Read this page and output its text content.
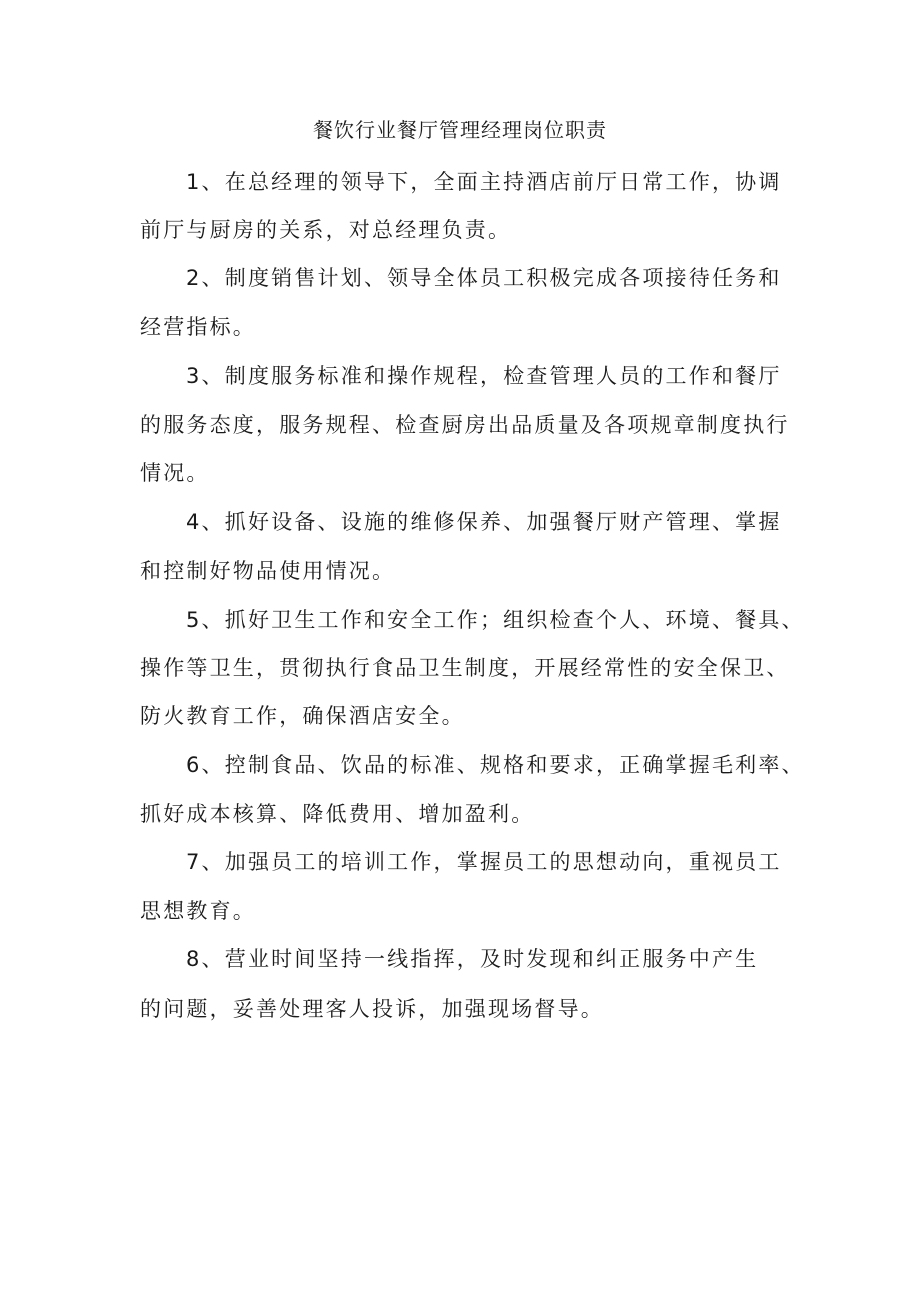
餐饮行业餐厅管理经理岗位职责
1、在总经理的领导下，全面主持酒店前厅日常工作，协调
前厅与厨房的关系，对总经理负责。
2、制度销售计划、领导全体员工积极完成各项接待任务和
经营指标。
3、制度服务标准和操作规程，检查管理人员的工作和餐厅
的服务态度，服务规程、检查厨房出品质量及各项规章制度执行
情况。
4、抓好设备、设施的维修保养、加强餐厅财产管理、掌握
和控制好物品使用情况。
5、抓好卫生工作和安全工作；组织检查个人、环境、餐具、
操作等卫生，贯彻执行食品卫生制度，开展经常性的安全保卫、
防火教育工作，确保酒店安全。
6、控制食品、饮品的标准、规格和要求，正确掌握毛利率、
抓好成本核算、降低费用、增加盈利。
7、加强员工的培训工作，掌握员工的思想动向，重视员工
思想教育。
8、营业时间坚持一线指挥，及时发现和纠正服务中产生
的问题，妥善处理客人投诉，加强现场督导。
